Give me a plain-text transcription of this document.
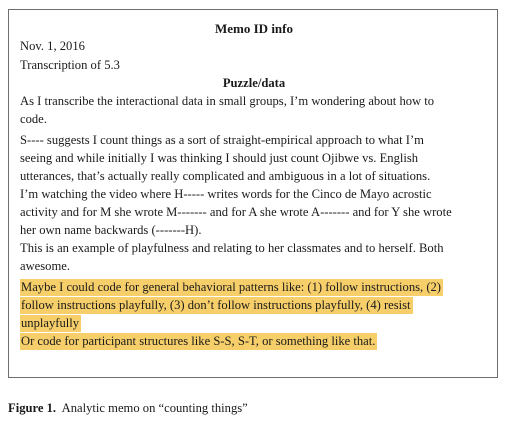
Memo ID info

Nov. 1, 2016

Transcription of 5.3

Puzzle/data

As I transcribe the interactional data in small groups, I’m wondering about how to

code.

S---- suggests I count things as a sort of straight-empirical approach to what I’m

seeing and while initially I was thinking I should just count Ojibwe vs. English

utterances, that’s actually really complicated and ambiguous in a lot of situations.

I’m watching the video where H----- writes words for the Cinco de Mayo acrostic

activity and for M she wrote M------- and for A she wrote A------- and for Y she wrote

her own name backwards (-------H).

This is an example of playfulness and relating to her classmates and to herself. Both

awesome.

Maybe I could code for general behavioral patterns like: (1) follow instructions, (2)

follow instructions playfully, (3) don’t follow instructions playfully, (4) resist

unplayfully

Or code for participant structures like S-S, S-T, or something like that.

Figure 1. Analytic memo on “counting things”
